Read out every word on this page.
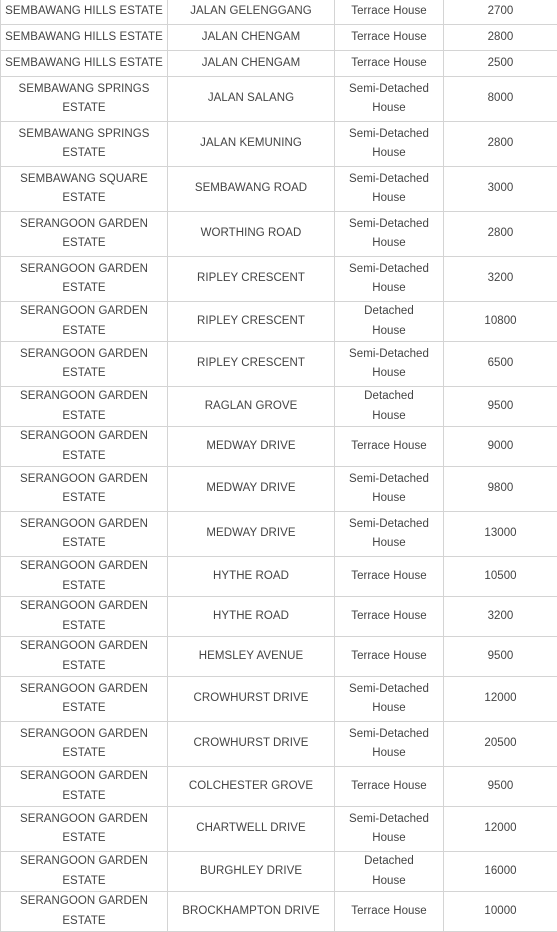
SEMBAWANG HILLS ESTATE	JALAN GELENGGANG	Terrace House	2700
SEMBAWANG HILLS ESTATE	JALAN CHENGAM	Terrace House	2800
SEMBAWANG HILLS ESTATE	JALAN CHENGAM	Terrace House	2500
SEMBAWANG SPRINGS ESTATE	JALAN SALANG	Semi-Detached House	8000
SEMBAWANG SPRINGS ESTATE	JALAN KEMUNING	Semi-Detached House	2800
SEMBAWANG SQUARE ESTATE	SEMBAWANG ROAD	Semi-Detached House	3000
SERANGOON GARDEN ESTATE	WORTHING ROAD	Semi-Detached House	2800
SERANGOON GARDEN ESTATE	RIPLEY CRESCENT	Semi-Detached House	3200
SERANGOON GARDEN ESTATE	RIPLEY CRESCENT	Detached House	10800
SERANGOON GARDEN ESTATE	RIPLEY CRESCENT	Semi-Detached House	6500
SERANGOON GARDEN ESTATE	RAGLAN GROVE	Detached House	9500
SERANGOON GARDEN ESTATE	MEDWAY DRIVE	Terrace House	9000
SERANGOON GARDEN ESTATE	MEDWAY DRIVE	Semi-Detached House	9800
SERANGOON GARDEN ESTATE	MEDWAY DRIVE	Semi-Detached House	13000
SERANGOON GARDEN ESTATE	HYTHE ROAD	Terrace House	10500
SERANGOON GARDEN ESTATE	HYTHE ROAD	Terrace House	3200
SERANGOON GARDEN ESTATE	HEMSLEY AVENUE	Terrace House	9500
SERANGOON GARDEN ESTATE	CROWHURST DRIVE	Semi-Detached House	12000
SERANGOON GARDEN ESTATE	CROWHURST DRIVE	Semi-Detached House	20500
SERANGOON GARDEN ESTATE	COLCHESTER GROVE	Terrace House	9500
SERANGOON GARDEN ESTATE	CHARTWELL DRIVE	Semi-Detached House	12000
SERANGOON GARDEN ESTATE	BURGHLEY DRIVE	Detached House	16000
SERANGOON GARDEN ESTATE	BROCKHAMPTON DRIVE	Terrace House	10000
